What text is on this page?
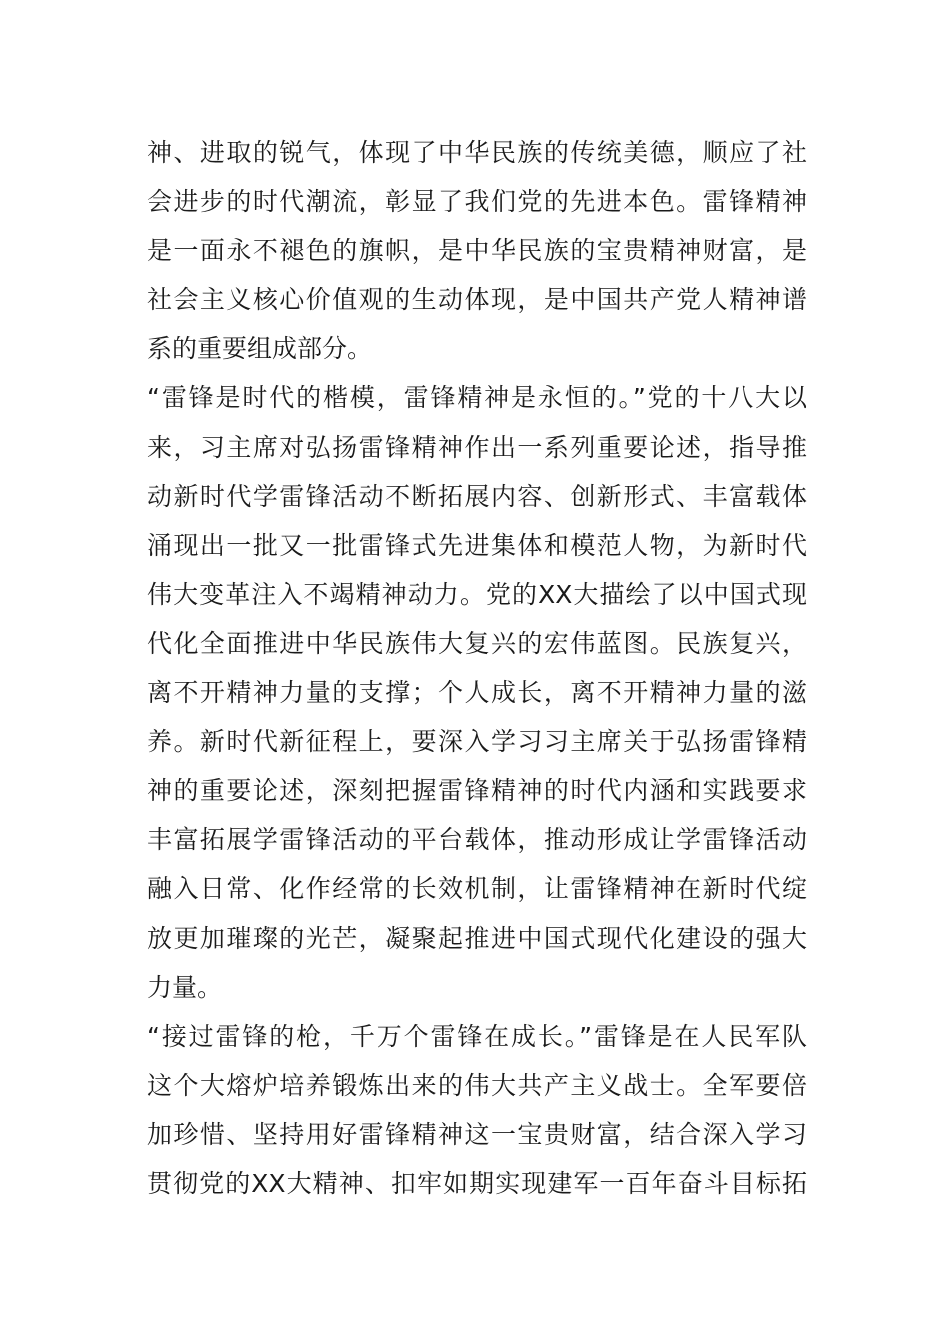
神、进取的锐气，体现了中华民族的传统美德，顺应了社
会进步的时代潮流，彰显了我们党的先进本色。雷锋精神
是一面永不褪色的旗帜，是中华民族的宝贵精神财富，是
社会主义核心价值观的生动体现，是中国共产党人精神谱
系的重要组成部分。
“雷锋是时代的楷模，雷锋精神是永恒的。”党的十八大以
来，习主席对弘扬雷锋精神作出一系列重要论述，指导推
动新时代学雷锋活动不断拓展内容、创新形式、丰富载体
涌现出一批又一批雷锋式先进集体和模范人物，为新时代
伟大变革注入不竭精神动力。党的XX大描绘了以中国式现
代化全面推进中华民族伟大复兴的宏伟蓝图。民族复兴，
离不开精神力量的支撑；个人成长，离不开精神力量的滋
养。新时代新征程上，要深入学习习主席关于弘扬雷锋精
神的重要论述，深刻把握雷锋精神的时代内涵和实践要求
丰富拓展学雷锋活动的平台载体，推动形成让学雷锋活动
融入日常、化作经常的长效机制，让雷锋精神在新时代绽
放更加璀璨的光芒，凝聚起推进中国式现代化建设的强大
力量。
“接过雷锋的枪，千万个雷锋在成长。”雷锋是在人民军队
这个大熔炉培养锻炼出来的伟大共产主义战士。全军要倍
加珍惜、坚持用好雷锋精神这一宝贵财富，结合深入学习
贯彻党的XX大精神、扣牢如期实现建军一百年奋斗目标拓
